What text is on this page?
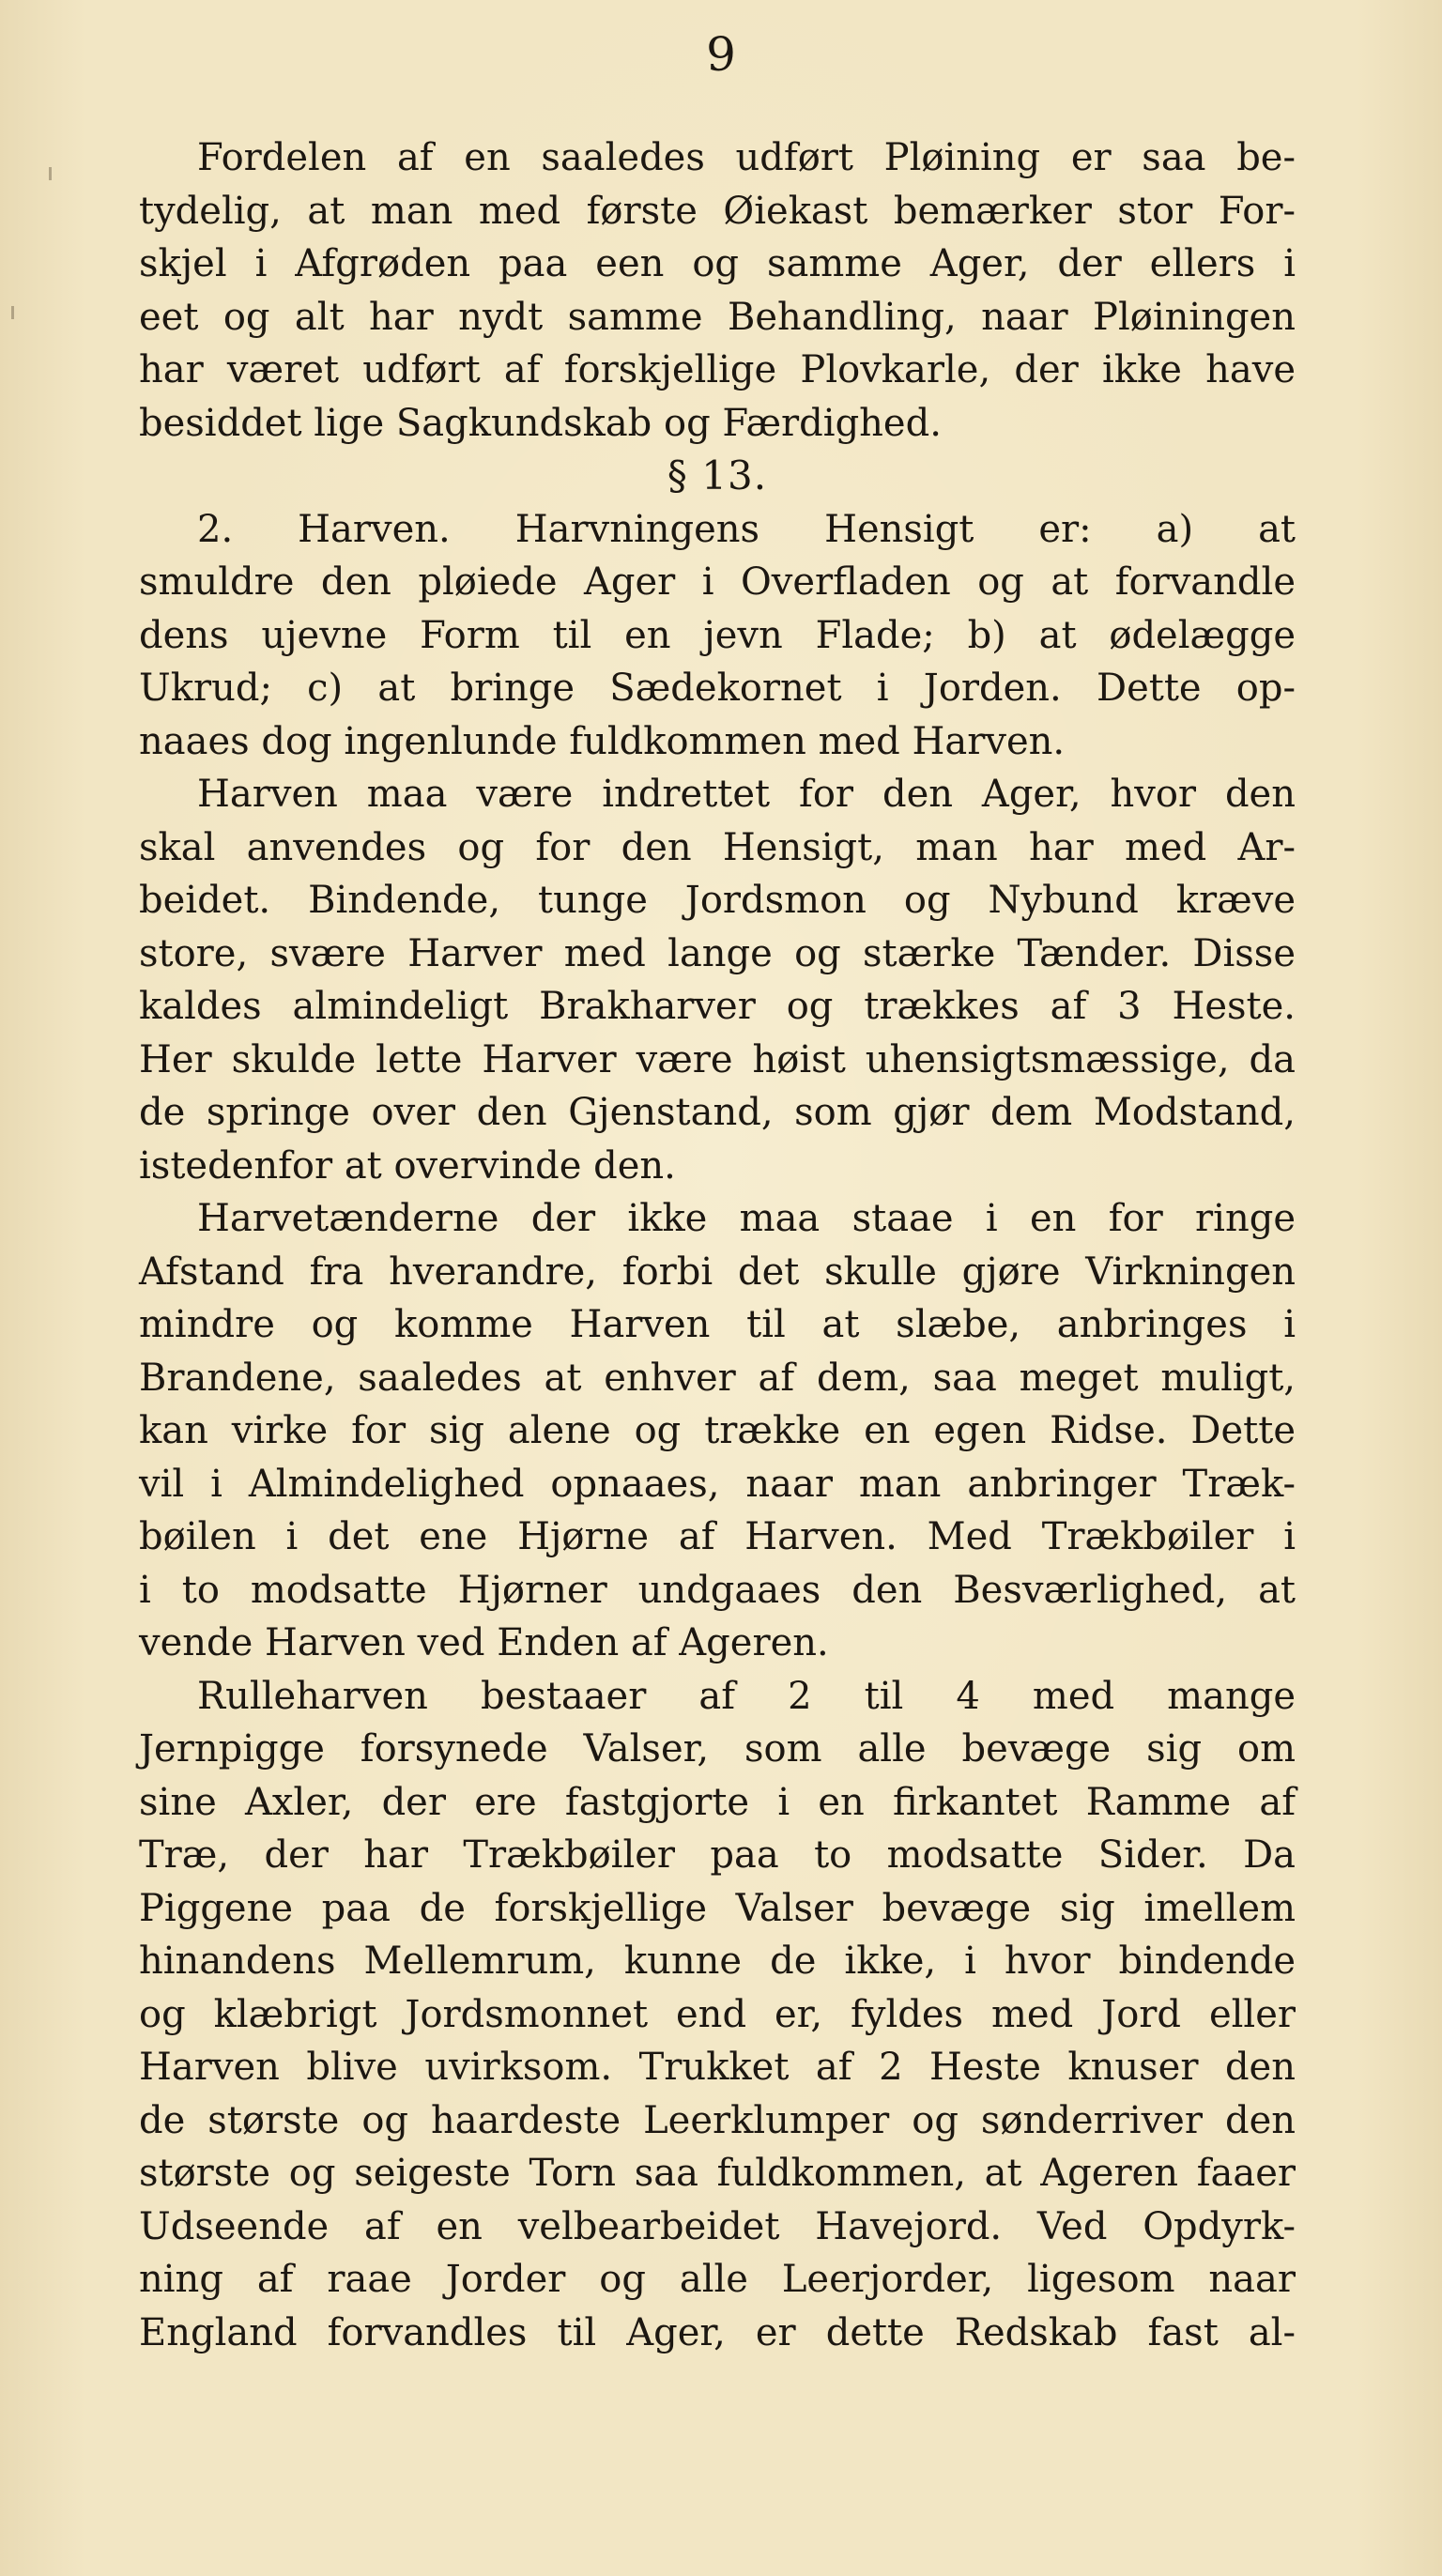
9
Fordelen af en saaledes udført Pløining er saa be-
tydelig, at man med første Øiekast bemærker stor For-
skjel i Afgrøden paa een og samme Ager, der ellers i
eet og alt har nydt samme Behandling, naar Pløiningen
har været udført af forskjellige Plovkarle, der ikke have
besiddet lige Sagkundskab og Færdighed.
§ 13.
2. Harven. Harvningens Hensigt er: a) at
smuldre den pløiede Ager i Overfladen og at forvandle
dens ujevne Form til en jevn Flade; b) at ødelægge
Ukrud; c) at bringe Sædekornet i Jorden. Dette op-
naaes dog ingenlunde fuldkommen med Harven.
Harven maa være indrettet for den Ager, hvor den
skal anvendes og for den Hensigt, man har med Ar-
beidet. Bindende, tunge Jordsmon og Nybund kræve
store, svære Harver med lange og stærke Tænder. Disse
kaldes almindeligt Brakharver og trækkes af 3 Heste.
Her skulde lette Harver være høist uhensigtsmæssige, da
de springe over den Gjenstand, som gjør dem Modstand,
istedenfor at overvinde den.
Harvetænderne der ikke maa staae i en for ringe
Afstand fra hverandre, forbi det skulle gjøre Virkningen
mindre og komme Harven til at slæbe, anbringes i
Brandene, saaledes at enhver af dem, saa meget muligt,
kan virke for sig alene og trække en egen Ridse. Dette
vil i Almindelighed opnaaes, naar man anbringer Træk-
bøilen i det ene Hjørne af Harven. Med Trækbøiler i
i to modsatte Hjørner undgaaes den Besværlighed, at
vende Harven ved Enden af Ageren.
Rulleharven bestaaer af 2 til 4 med mange
Jernpigge forsynede Valser, som alle bevæge sig om
sine Axler, der ere fastgjorte i en firkantet Ramme af
Træ, der har Trækbøiler paa to modsatte Sider. Da
Piggene paa de forskjellige Valser bevæge sig imellem
hinandens Mellemrum, kunne de ikke, i hvor bindende
og klæbrigt Jordsmonnet end er, fyldes med Jord eller
Harven blive uvirksom. Trukket af 2 Heste knuser den
de største og haardeste Leerklumper og sønderriver den
største og seigeste Torn saa fuldkommen, at Ageren faaer
Udseende af en velbearbeidet Havejord. Ved Opdyrk-
ning af raae Jorder og alle Leerjorder, ligesom naar
England forvandles til Ager, er dette Redskab fast al-
